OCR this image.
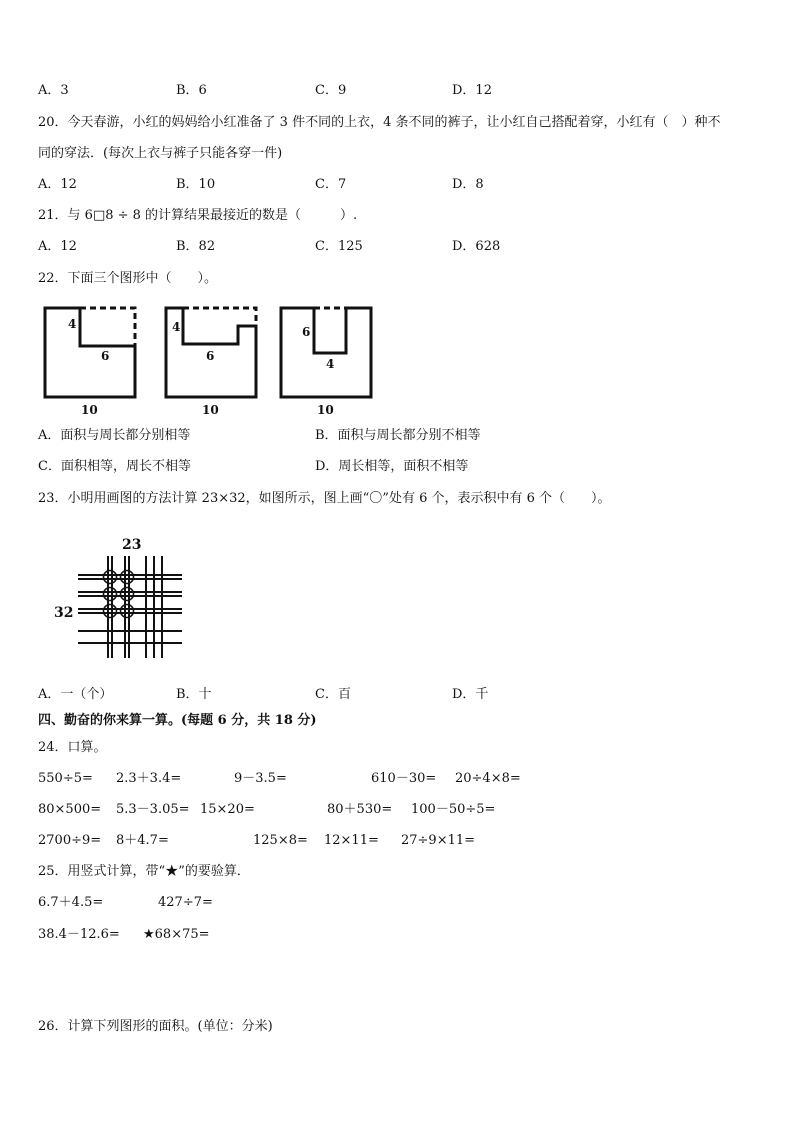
A．3	B．6	C．9	D．12
20．今天春游，小红的妈妈给小红准备了 3 件不同的上衣，4 条不同的裤子，让小红自己搭配着穿，小红有（　）种不
同的穿法．(每次上衣与裤子只能各穿一件)
A．12	B．10	C．7	D．8
21．与 6□8 ÷ 8 的计算结果最接近的数是（　　　）.
A．12	B．82	C．125	D．628
22．下面三个图形中（　　）。
4
6
10
4
6
10
6
4
10
A．面积与周长都分别相等	B．面积与周长都分别不相等
C．面积相等，周长不相等	D．周长相等，面积不相等
23．小明用画图的方法计算 23×32，如图所示，图上画“〇”处有 6 个，表示积中有 6 个（　　）。
23
32
A．一（个）	B．十	C．百	D．千
四、勤奋的你来算一算。(每题 6 分，共 18 分)
24．口算。
550÷5= 2.3＋3.4=	9－3.5=	610－30= 20÷4×8=
80×500= 5.3－3.05= 15×20=	80＋530= 100－50÷5=
2700÷9= 8＋4.7=	125×8= 12×11= 27÷9×11=
25．用竖式计算，带“★”的要验算．
6.7＋4.5=	427÷7=
38.4－12.6= ★68×75=
26．计算下列图形的面积。(单位：分米)
